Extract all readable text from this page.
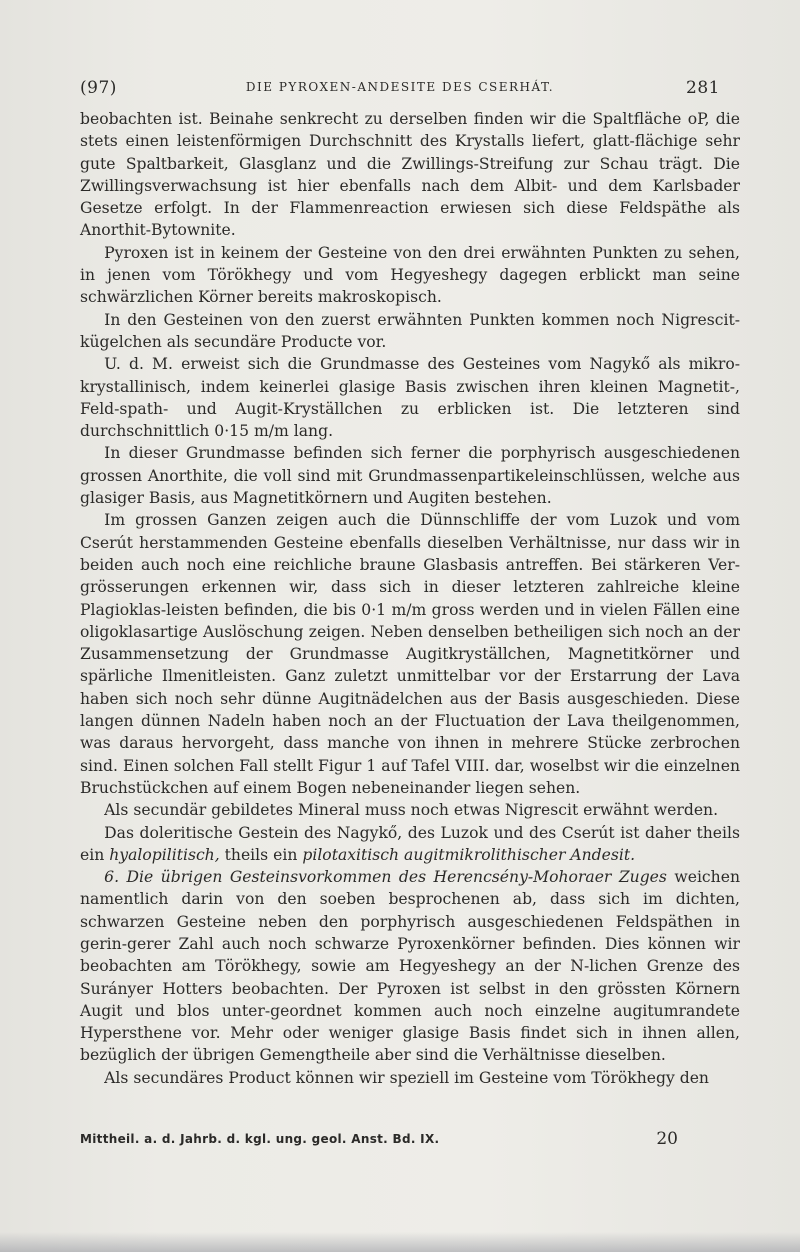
(97)	DIE PYROXEN-ANDESITE DES CSERHÁT.	281

beobachten ist. Beinahe senkrecht zu derselben finden wir die Spaltfläche oP, die stets einen leistenförmigen Durchschnitt des Krystalls liefert, glatt-flächige sehr gute Spaltbarkeit, Glasglanz und die Zwillings-Streifung zur Schau trägt. Die Zwillingsverwachsung ist hier ebenfalls nach dem Albit- und dem Karlsbader Gesetze erfolgt. In der Flammenreaction erwiesen sich diese Feldspäthe als Anorthit-Bytownite.

Pyroxen ist in keinem der Gesteine von den drei erwähnten Punkten zu sehen, in jenen vom Törökhegy und vom Hegyeshegy dagegen erblickt man seine schwärzlichen Körner bereits makroskopisch.

In den Gesteinen von den zuerst erwähnten Punkten kommen noch Nigrescit-kügelchen als secundäre Producte vor.

U. d. M. erweist sich die Grundmasse des Gesteines vom Nagykő als mikro-krystallinisch, indem keinerlei glasige Basis zwischen ihren kleinen Magnetit-, Feld-spath- und Augit-Kryställchen zu erblicken ist. Die letzteren sind durchschnittlich 0·15 m/m lang.

In dieser Grundmasse befinden sich ferner die porphyrisch ausgeschiedenen grossen Anorthite, die voll sind mit Grundmassenpartikeleinschlüssen, welche aus glasiger Basis, aus Magnetitkörnern und Augiten bestehen.

Im grossen Ganzen zeigen auch die Dünnschliffe der vom Luzok und vom Cserút herstammenden Gesteine ebenfalls dieselben Verhältnisse, nur dass wir in beiden auch noch eine reichliche braune Glasbasis antreffen. Bei stärkeren Ver-grösserungen erkennen wir, dass sich in dieser letzteren zahlreiche kleine Plagioklas-leisten befinden, die bis 0·1 m/m gross werden und in vielen Fällen eine oligoklasartige Auslöschung zeigen. Neben denselben betheiligen sich noch an der Zusammensetzung der Grundmasse Augitkryställchen, Magnetitkörner und spärliche Ilmenitleisten. Ganz zuletzt unmittelbar vor der Erstarrung der Lava haben sich noch sehr dünne Augitnädelchen aus der Basis ausgeschieden. Diese langen dünnen Nadeln haben noch an der Fluctuation der Lava theilgenommen, was daraus hervorgeht, dass manche von ihnen in mehrere Stücke zerbrochen sind. Einen solchen Fall stellt Figur 1 auf Tafel VIII. dar, woselbst wir die einzelnen Bruchstückchen auf einem Bogen nebeneinander liegen sehen.

Als secundär gebildetes Mineral muss noch etwas Nigrescit erwähnt werden.

Das doleritische Gestein des Nagykő, des Luzok und des Cserút ist daher theils ein hyalopilitisch, theils ein pilotaxitisch augitmikrolithischer Andesit.

6. Die übrigen Gesteinsvorkommen des Herencsény-Mohoraer Zuges weichen namentlich darin von den soeben besprochenen ab, dass sich im dichten, schwarzen Gesteine neben den porphyrisch ausgeschiedenen Feldspäthen in gerin-gerer Zahl auch noch schwarze Pyroxenkörner befinden. Dies können wir beobachten am Törökhegy, sowie am Hegyeshegy an der N-lichen Grenze des Surányer Hotters beobachten. Der Pyroxen ist selbst in den grössten Körnern Augit und blos unter-geordnet kommen auch noch einzelne augitumrandete Hypersthene vor. Mehr oder weniger glasige Basis findet sich in ihnen allen, bezüglich der übrigen Gemengtheile aber sind die Verhältnisse dieselben.

Als secundäres Product können wir speziell im Gesteine vom Törökhegy den

Mittheil. a. d. Jahrb. d. kgl. ung. geol. Anst. Bd. IX.	20
